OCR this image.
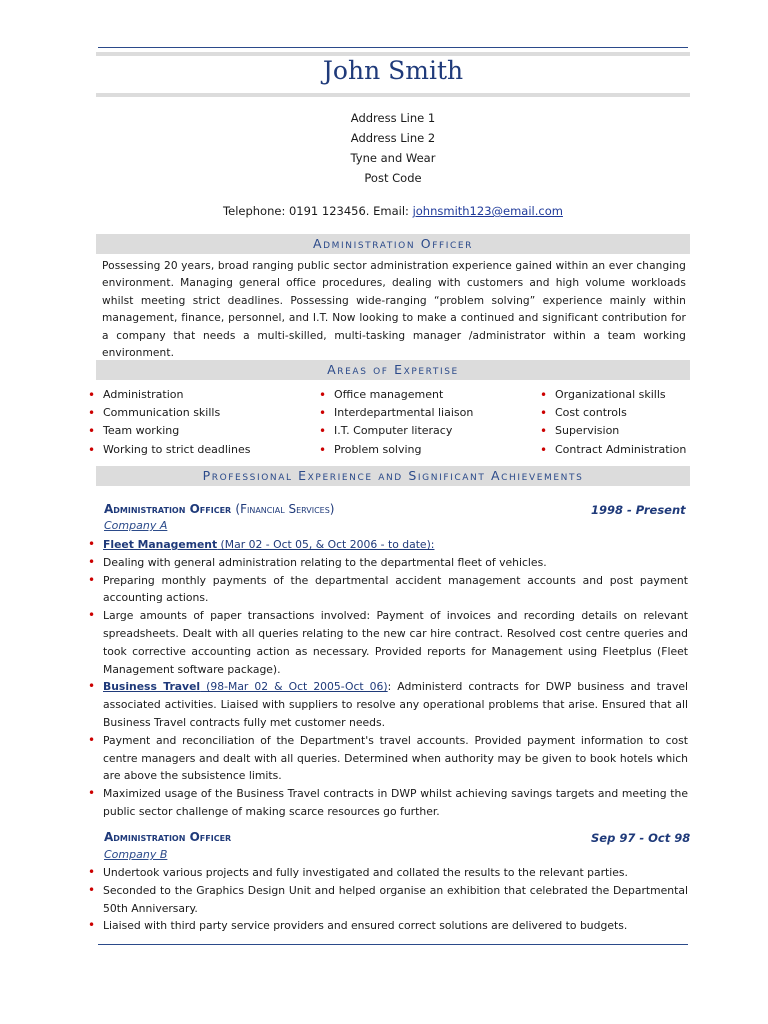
John Smith
Address Line 1
Address Line 2
Tyne and Wear
Post Code
Telephone: 0191 123456. Email: johnsmith123@email.com
Administration Officer
Possessing 20 years, broad ranging public sector administration experience gained within an ever changing environment. Managing general office procedures, dealing with customers and high volume workloads whilst meeting strict deadlines. Possessing wide-ranging “problem solving” experience mainly within management, finance, personnel, and I.T. Now looking to make a continued and significant contribution for a company that needs a multi-skilled, multi-tasking manager /administrator within a team working environment.
Areas of Expertise
• Administration
• Communication skills
• Team working
• Working to strict deadlines
• Office management
• Interdepartmental liaison
• I.T. Computer literacy
• Problem solving
• Organizational skills
• Cost controls
• Supervision
• Contract Administration
Professional Experience and Significant Achievements
Administration Officer (Financial Services)	1998 - Present
Company A
• Fleet Management (Mar 02 - Oct 05, & Oct 2006 - to date):
• Dealing with general administration relating to the departmental fleet of vehicles.
• Preparing monthly payments of the departmental accident management accounts and post payment accounting actions.
• Large amounts of paper transactions involved: Payment of invoices and recording details on relevant spreadsheets. Dealt with all queries relating to the new car hire contract. Resolved cost centre queries and took corrective accounting action as necessary. Provided reports for Management using Fleetplus (Fleet Management software package).
• Business Travel (98-Mar 02 & Oct 2005-Oct 06): Administerd contracts for DWP business and travel associated activities. Liaised with suppliers to resolve any operational problems that arise. Ensured that all Business Travel contracts fully met customer needs.
• Payment and reconciliation of the Department's travel accounts. Provided payment information to cost centre managers and dealt with all queries. Determined when authority may be given to book hotels which are above the subsistence limits.
• Maximized usage of the Business Travel contracts in DWP whilst achieving savings targets and meeting the public sector challenge of making scarce resources go further.
Administration Officer	Sep 97 - Oct 98
Company B
• Undertook various projects and fully investigated and collated the results to the relevant parties.
• Seconded to the Graphics Design Unit and helped organise an exhibition that celebrated the Departmental 50th Anniversary.
• Liaised with third party service providers and ensured correct solutions are delivered to budgets.
